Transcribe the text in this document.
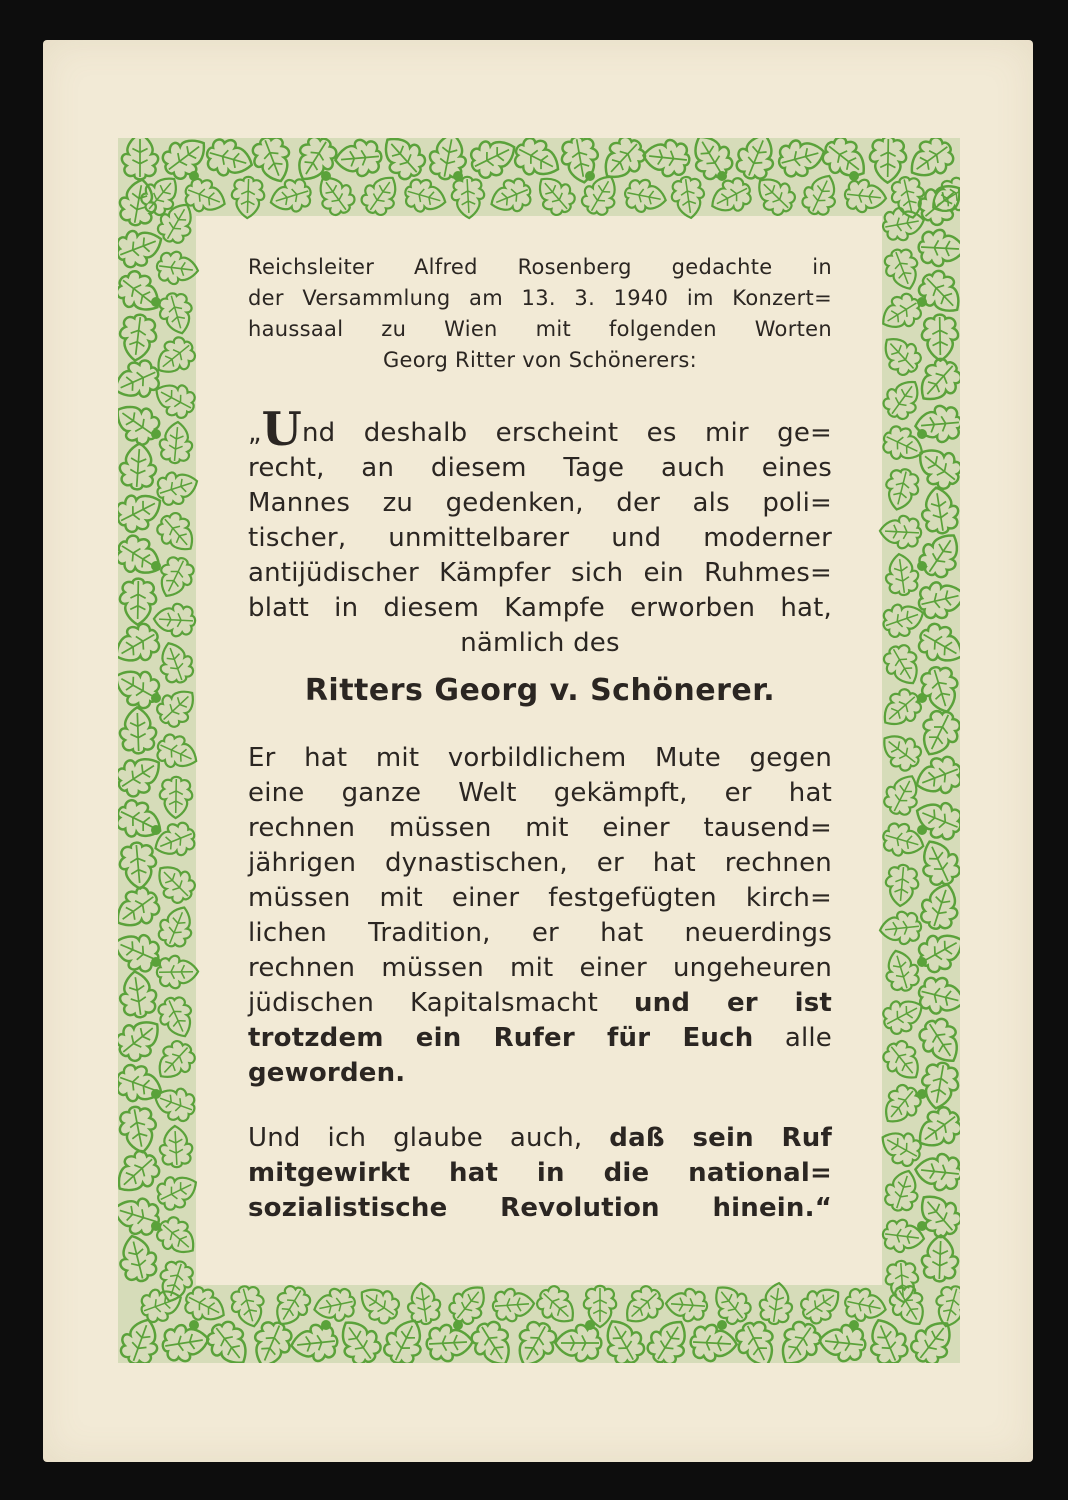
Reichsleiter Alfred Rosenberg gedachte in
der Versammlung am 13. 3. 1940 im Konzert=
haussaal zu Wien mit folgenden Worten
Georg Ritter von Schönerers:
„Und deshalb erscheint es mir ge=
recht, an diesem Tage auch eines
Mannes zu gedenken, der als poli=
tischer, unmittelbarer und moderner
antijüdischer Kämpfer sich ein Ruhmes=
blatt in diesem Kampfe erworben hat,
nämlich des
Ritters Georg v. Schönerer.
Er hat mit vorbildlichem Mute gegen
eine ganze Welt gekämpft, er hat
rechnen müssen mit einer tausend=
jährigen dynastischen, er hat rechnen
müssen mit einer festgefügten kirch=
lichen Tradition, er hat neuerdings
rechnen müssen mit einer ungeheuren
jüdischen Kapitalsmacht und er ist
trotzdem ein Rufer für Euch alle
geworden.
Und ich glaube auch, daß sein Ruf
mitgewirkt hat in die national=
sozialistische Revolution hinein.“
